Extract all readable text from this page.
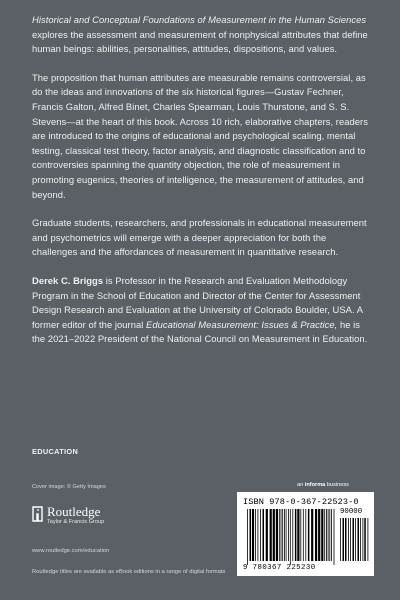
Historical and Conceptual Foundations of Measurement in the Human Sciences explores the assessment and measurement of nonphysical attributes that define human beings: abilities, personalities, attitudes, dispositions, and values.

The proposition that human attributes are measurable remains controversial, as do the ideas and innovations of the six historical figures—Gustav Fechner, Francis Galton, Alfred Binet, Charles Spearman, Louis Thurstone, and S. S. Stevens—at the heart of this book. Across 10 rich, elaborative chapters, readers are introduced to the origins of educational and psychological scaling, mental testing, classical test theory, factor analysis, and diagnostic classification and to controversies spanning the quantity objection, the role of measurement in promoting eugenics, theories of intelligence, the measurement of attitudes, and beyond.

Graduate students, researchers, and professionals in educational measurement and psychometrics will emerge with a deeper appreciation for both the challenges and the affordances of measurement in quantitative research.

Derek C. Briggs is Professor in the Research and Evaluation Methodology Program in the School of Education and Director of the Center for Assessment Design Research and Evaluation at the University of Colorado Boulder, USA. A former editor of the journal Educational Measurement: Issues & Practice, he is the 2021–2022 President of the National Council on Measurement in Education.

EDUCATION
Cover image: © Getty Images
Routledge
Taylor & Francis Group
www.routledge.com/education
Routledge titles are available as eBook editions in a range of digital formats
an informa business
ISBN 978-0-367-22523-0
90000
9 780367 225230
